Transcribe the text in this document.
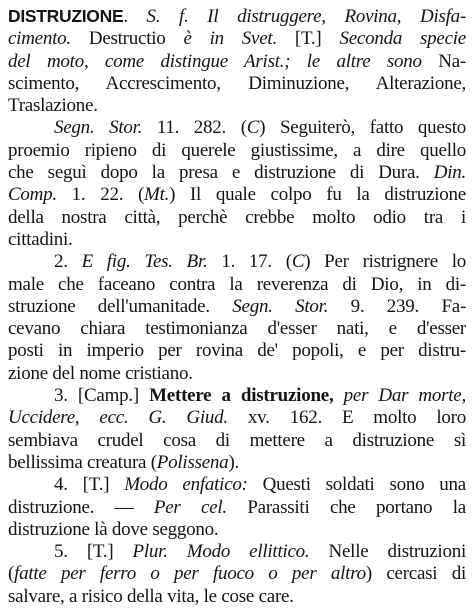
DISTRUZIONE. S. f. Il distruggere, Rovina, Disfa-
cimento. Destructio è in Svet. [T.] Seconda specie
del moto, come distingue Arist.; le altre sono Na-
scimento, Accrescimento, Diminuzione, Alterazione,
Traslazione.
Segn. Stor. 11. 282. (C) Seguiterò, fatto questo
proemio ripieno di querele giustissime, a dire quello
che seguì dopo la presa e distruzione di Dura. Din.
Comp. 1. 22. (Mt.) Il quale colpo fu la distruzione
della nostra città, perchè crebbe molto odio tra i
cittadini.
2. E fig. Tes. Br. 1. 17. (C) Per ristrignere lo
male che faceano contra la reverenza di Dio, in di-
struzione dell'umanitade. Segn. Stor. 9. 239. Fa-
cevano chiara testimonianza d'esser nati, e d'esser
posti in imperio per rovina de' popoli, e per distru-
zione del nome cristiano.
3. [Camp.] Mettere a distruzione, per Dar morte,
Uccidere, ecc. G. Giud. xv. 162. E molto loro
sembiava crudel cosa di mettere a distruzione sì
bellissima creatura (Polissena).
4. [T.] Modo enfatico: Questi soldati sono una
distruzione. — Per cel. Parassiti che portano la
distruzione là dove seggono.
5. [T.] Plur. Modo ellittico. Nelle distruzioni
(fatte per ferro o per fuoco o per altro) cercasi di
salvare, a risico della vita, le cose care.
